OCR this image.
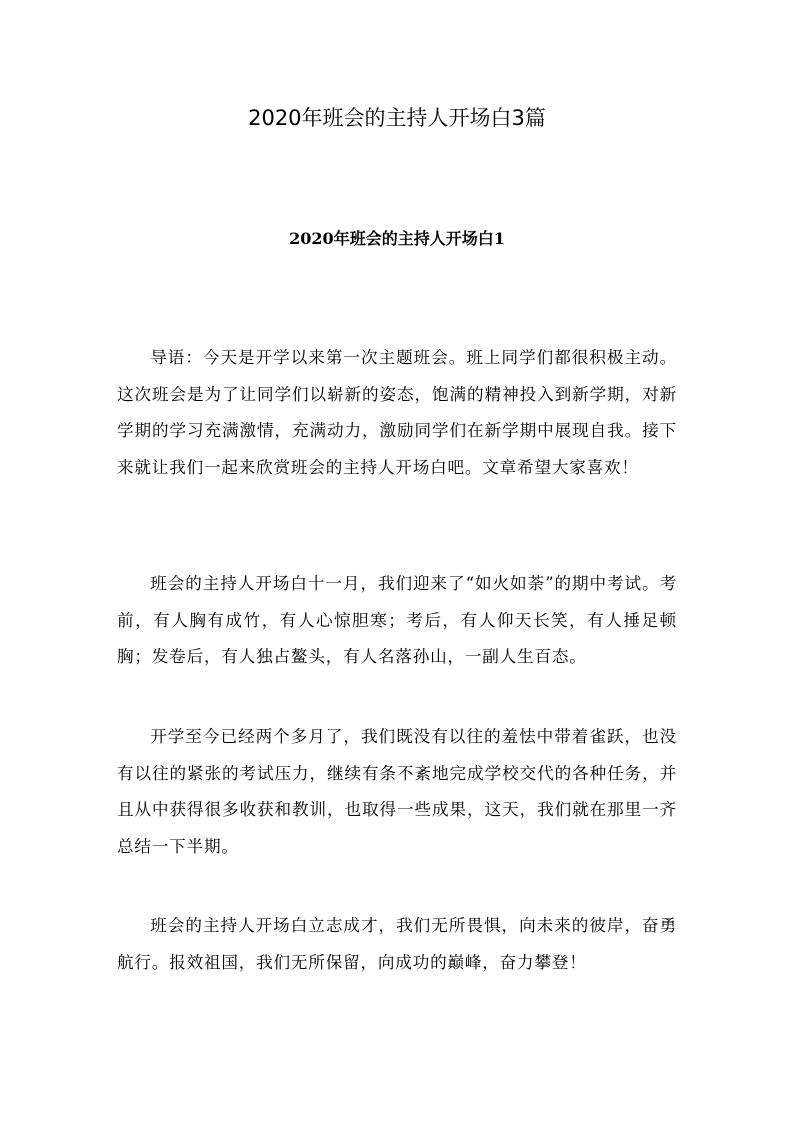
2020年班会的主持人开场白3篇
2020年班会的主持人开场白1

导语：今天是开学以来第一次主题班会。班上同学们都很积极主动。这次班会是为了让同学们以崭新的姿态，饱满的精神投入到新学期，对新学期的学习充满激情，充满动力，激励同学们在新学期中展现自我。接下来就让我们一起来欣赏班会的主持人开场白吧。文章希望大家喜欢！

班会的主持人开场白十一月，我们迎来了“如火如荼”的期中考试。考前，有人胸有成竹，有人心惊胆寒；考后，有人仰天长笑，有人捶足顿胸；发卷后，有人独占鳌头，有人名落孙山，一副人生百态。

开学至今已经两个多月了，我们既没有以往的羞怯中带着雀跃，也没有以往的紧张的考试压力，继续有条不紊地完成学校交代的各种任务，并且从中获得很多收获和教训，也取得一些成果，这天，我们就在那里一齐总结一下半期。

班会的主持人开场白立志成才，我们无所畏惧，向未来的彼岸，奋勇航行。报效祖国，我们无所保留，向成功的巅峰，奋力攀登！
